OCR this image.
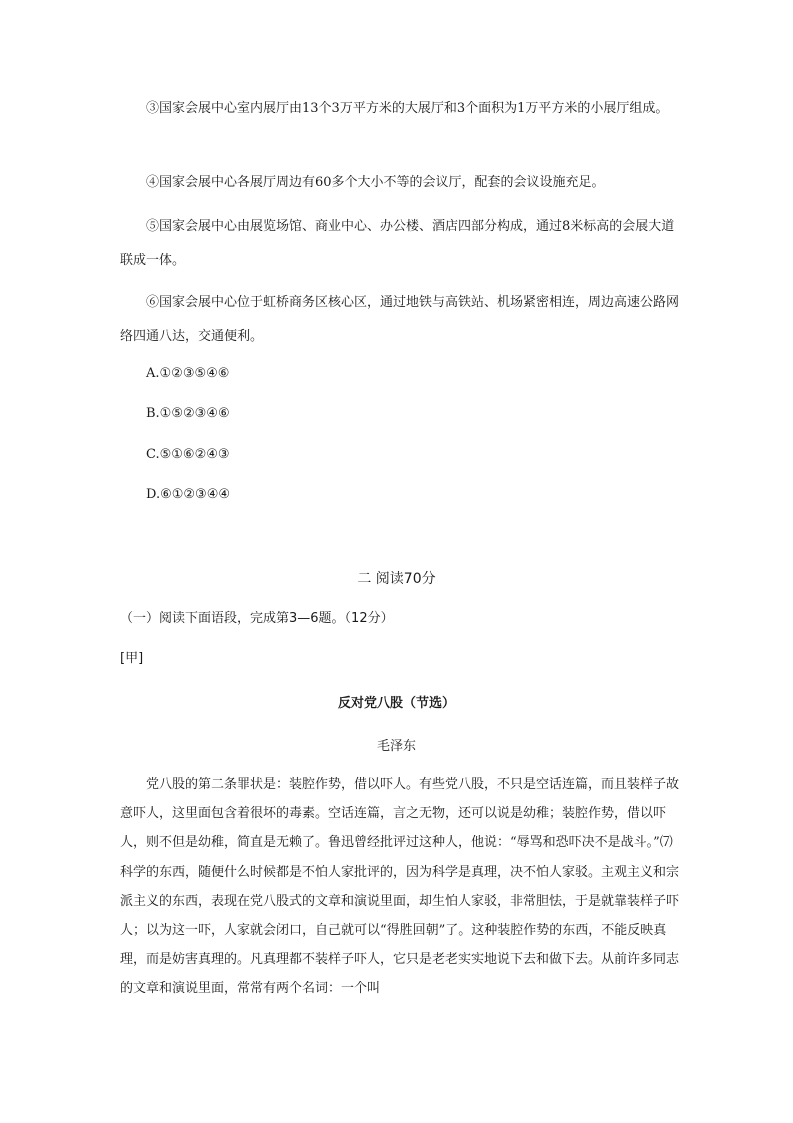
③国家会展中心室内展厅由13个3万平方米的大展厅和3个面积为1万平方米的小展厅组成。

④国家会展中心各展厅周边有60多个大小不等的会议厅，配套的会议设施充足。

⑤国家会展中心由展览场馆、商业中心、办公楼、酒店四部分构成，通过8米标高的会展大道联成一体。

⑥国家会展中心位于虹桥商务区核心区，通过地铁与高铁站、机场紧密相连，周边高速公路网络四通八达，交通便利。

A.①②③⑤④⑥

B.①⑤②③④⑥

C.⑤①⑥②④③

D.⑥①②③④④

二 阅读70分

（一）阅读下面语段，完成第3—6题。（12分）

[甲]

反对党八股（节选）

毛泽东

党八股的第二条罪状是：装腔作势，借以吓人。有些党八股，不只是空话连篇，而且装样子故意吓人，这里面包含着很坏的毒素。空话连篇，言之无物，还可以说是幼稚；装腔作势，借以吓人，则不但是幼稚，简直是无赖了。鲁迅曾经批评过这种人，他说：“辱骂和恐吓决不是战斗。”⑺科学的东西，随便什么时候都是不怕人家批评的，因为科学是真理，决不怕人家驳。主观主义和宗派主义的东西，表现在党八股式的文章和演说里面，却生怕人家驳，非常胆怯，于是就靠装样子吓人；以为这一吓，人家就会闭口，自己就可以“得胜回朝”了。这种装腔作势的东西，不能反映真理，而是妨害真理的。凡真理都不装样子吓人，它只是老老实实地说下去和做下去。从前许多同志的文章和演说里面，常常有两个名词：一个叫
